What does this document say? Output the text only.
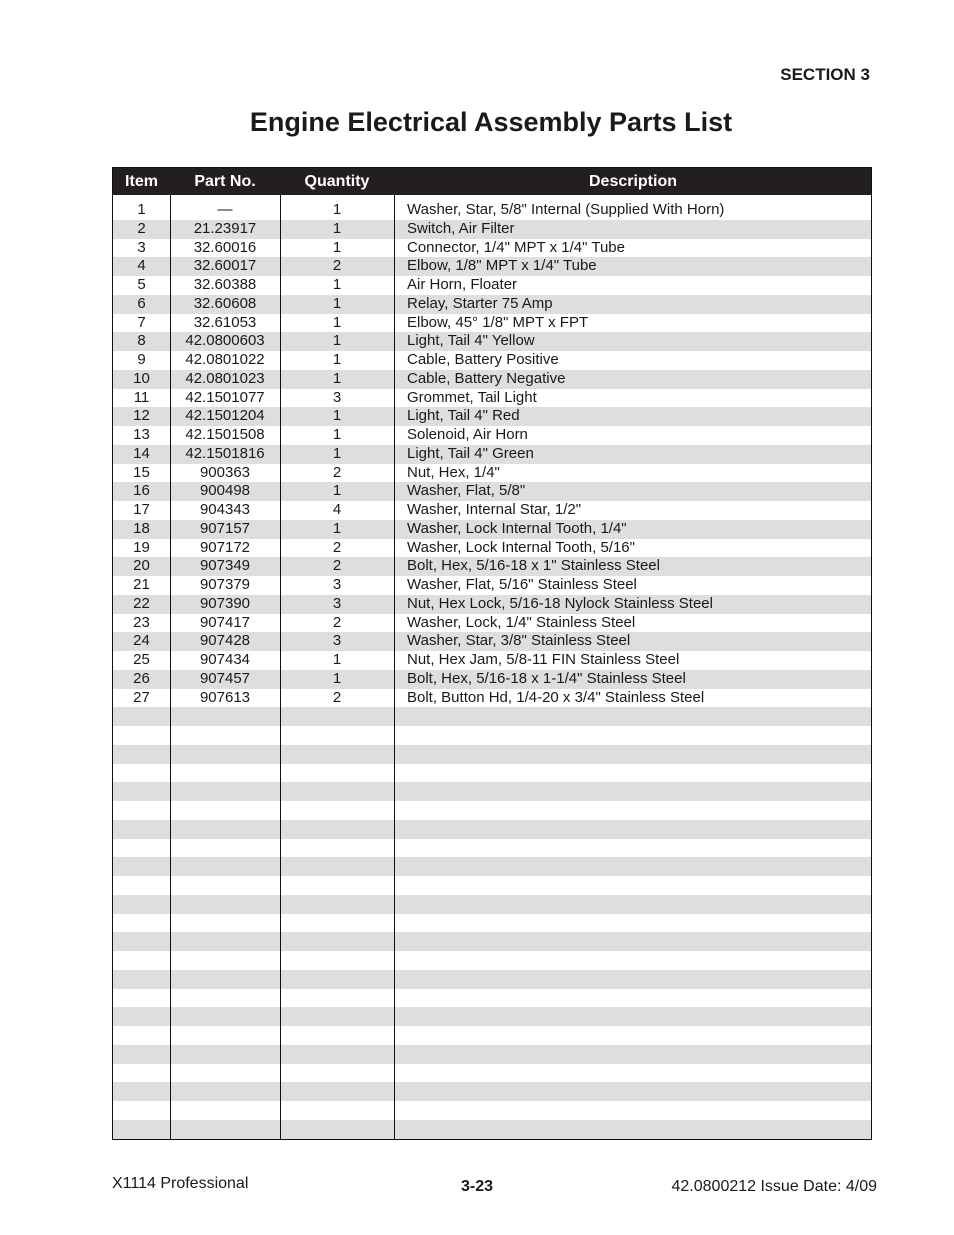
SECTION 3
Engine Electrical Assembly Parts List
Item	Part No.	Quantity	Description
1	—	1	Washer, Star, 5/8" Internal (Supplied With Horn)
2	21.23917	1	Switch, Air Filter
3	32.60016	1	Connector, 1/4" MPT x 1/4" Tube
4	32.60017	2	Elbow, 1/8" MPT x 1/4" Tube
5	32.60388	1	Air Horn, Floater
6	32.60608	1	Relay, Starter 75 Amp
7	32.61053	1	Elbow, 45° 1/8" MPT x FPT
8	42.0800603	1	Light, Tail 4" Yellow
9	42.0801022	1	Cable, Battery Positive
10	42.0801023	1	Cable, Battery Negative
11	42.1501077	3	Grommet, Tail Light
12	42.1501204	1	Light, Tail 4" Red
13	42.1501508	1	Solenoid, Air Horn
14	42.1501816	1	Light, Tail 4" Green
15	900363	2	Nut, Hex, 1/4"
16	900498	1	Washer, Flat, 5/8"
17	904343	4	Washer, Internal Star, 1/2"
18	907157	1	Washer, Lock Internal Tooth, 1/4"
19	907172	2	Washer, Lock Internal Tooth, 5/16"
20	907349	2	Bolt, Hex, 5/16-18 x 1" Stainless Steel
21	907379	3	Washer, Flat, 5/16" Stainless Steel
22	907390	3	Nut, Hex Lock, 5/16-18 Nylock Stainless Steel
23	907417	2	Washer, Lock, 1/4" Stainless Steel
24	907428	3	Washer, Star, 3/8" Stainless Steel
25	907434	1	Nut, Hex Jam, 5/8-11 FIN Stainless Steel
26	907457	1	Bolt, Hex, 5/16-18 x 1-1/4" Stainless Steel
27	907613	2	Bolt, Button Hd, 1/4-20 x 3/4" Stainless Steel
X1114 Professional	3-23	42.0800212 Issue Date: 4/09
